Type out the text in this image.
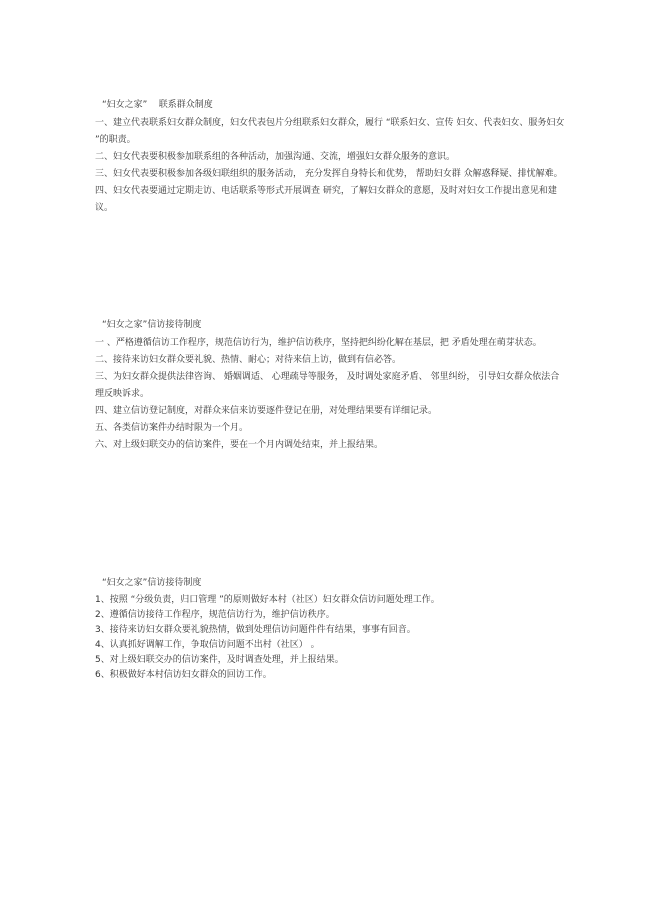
“妇女之家”    联系群众制度

一、建立代表联系妇女群众制度，妇女代表包片分组联系妇女群众，履行 “联系妇女、宣传 妇女、代表妇女、服务妇女 ”的职责。

二、妇女代表要积极参加联系组的各种活动，加强沟通、交流，增强妇女群众服务的意识。

三、妇女代表要积极参加各级妇联组织的服务活动， 充分发挥自身特长和优势， 帮助妇女群 众解惑释疑、排忧解难。

四、妇女代表要通过定期走访、电话联系等形式开展调查 研究，了解妇女群众的意愿，及时对妇女工作提出意见和建议。

“妇女之家”信访接待制度

一 、严格遵循信访工作程序，规范信访行为，维护信访秩序，坚持把纠纷化解在基层，把 矛盾处理在萌芽状态。

二、接待来访妇女群众要礼貌、热情、耐心；对待来信上访，做到有信必答。

三、为妇女群众提供法律咨询、 婚姻调适、 心理疏导等服务， 及时调处家庭矛盾、 邻里纠纷， 引导妇女群众依法合理反映诉求。

四、建立信访登记制度，对群众来信来访要逐件登记在册，对处理结果要有详细记录。

五、各类信访案件办结时限为一个月。

六、对上级妇联交办的信访案件，要在一个月内调处结束，并上报结果。

“妇女之家”信访接待制度

1、按照 “分级负责，归口管理 ”的原则做好本村（社区）妇女群众信访问题处理工作。

2、遵循信访接待工作程序，规范信访行为，维护信访秩序。

3、接待来访妇女群众要礼貌热情，做到处理信访问题件件有结果，事事有回音。

4、认真抓好调解工作，争取信访问题不出村（社区） 。

5、对上级妇联交办的信访案件，及时调查处理，并上报结果。

6、积极做好本村信访妇女群众的回访工作。
